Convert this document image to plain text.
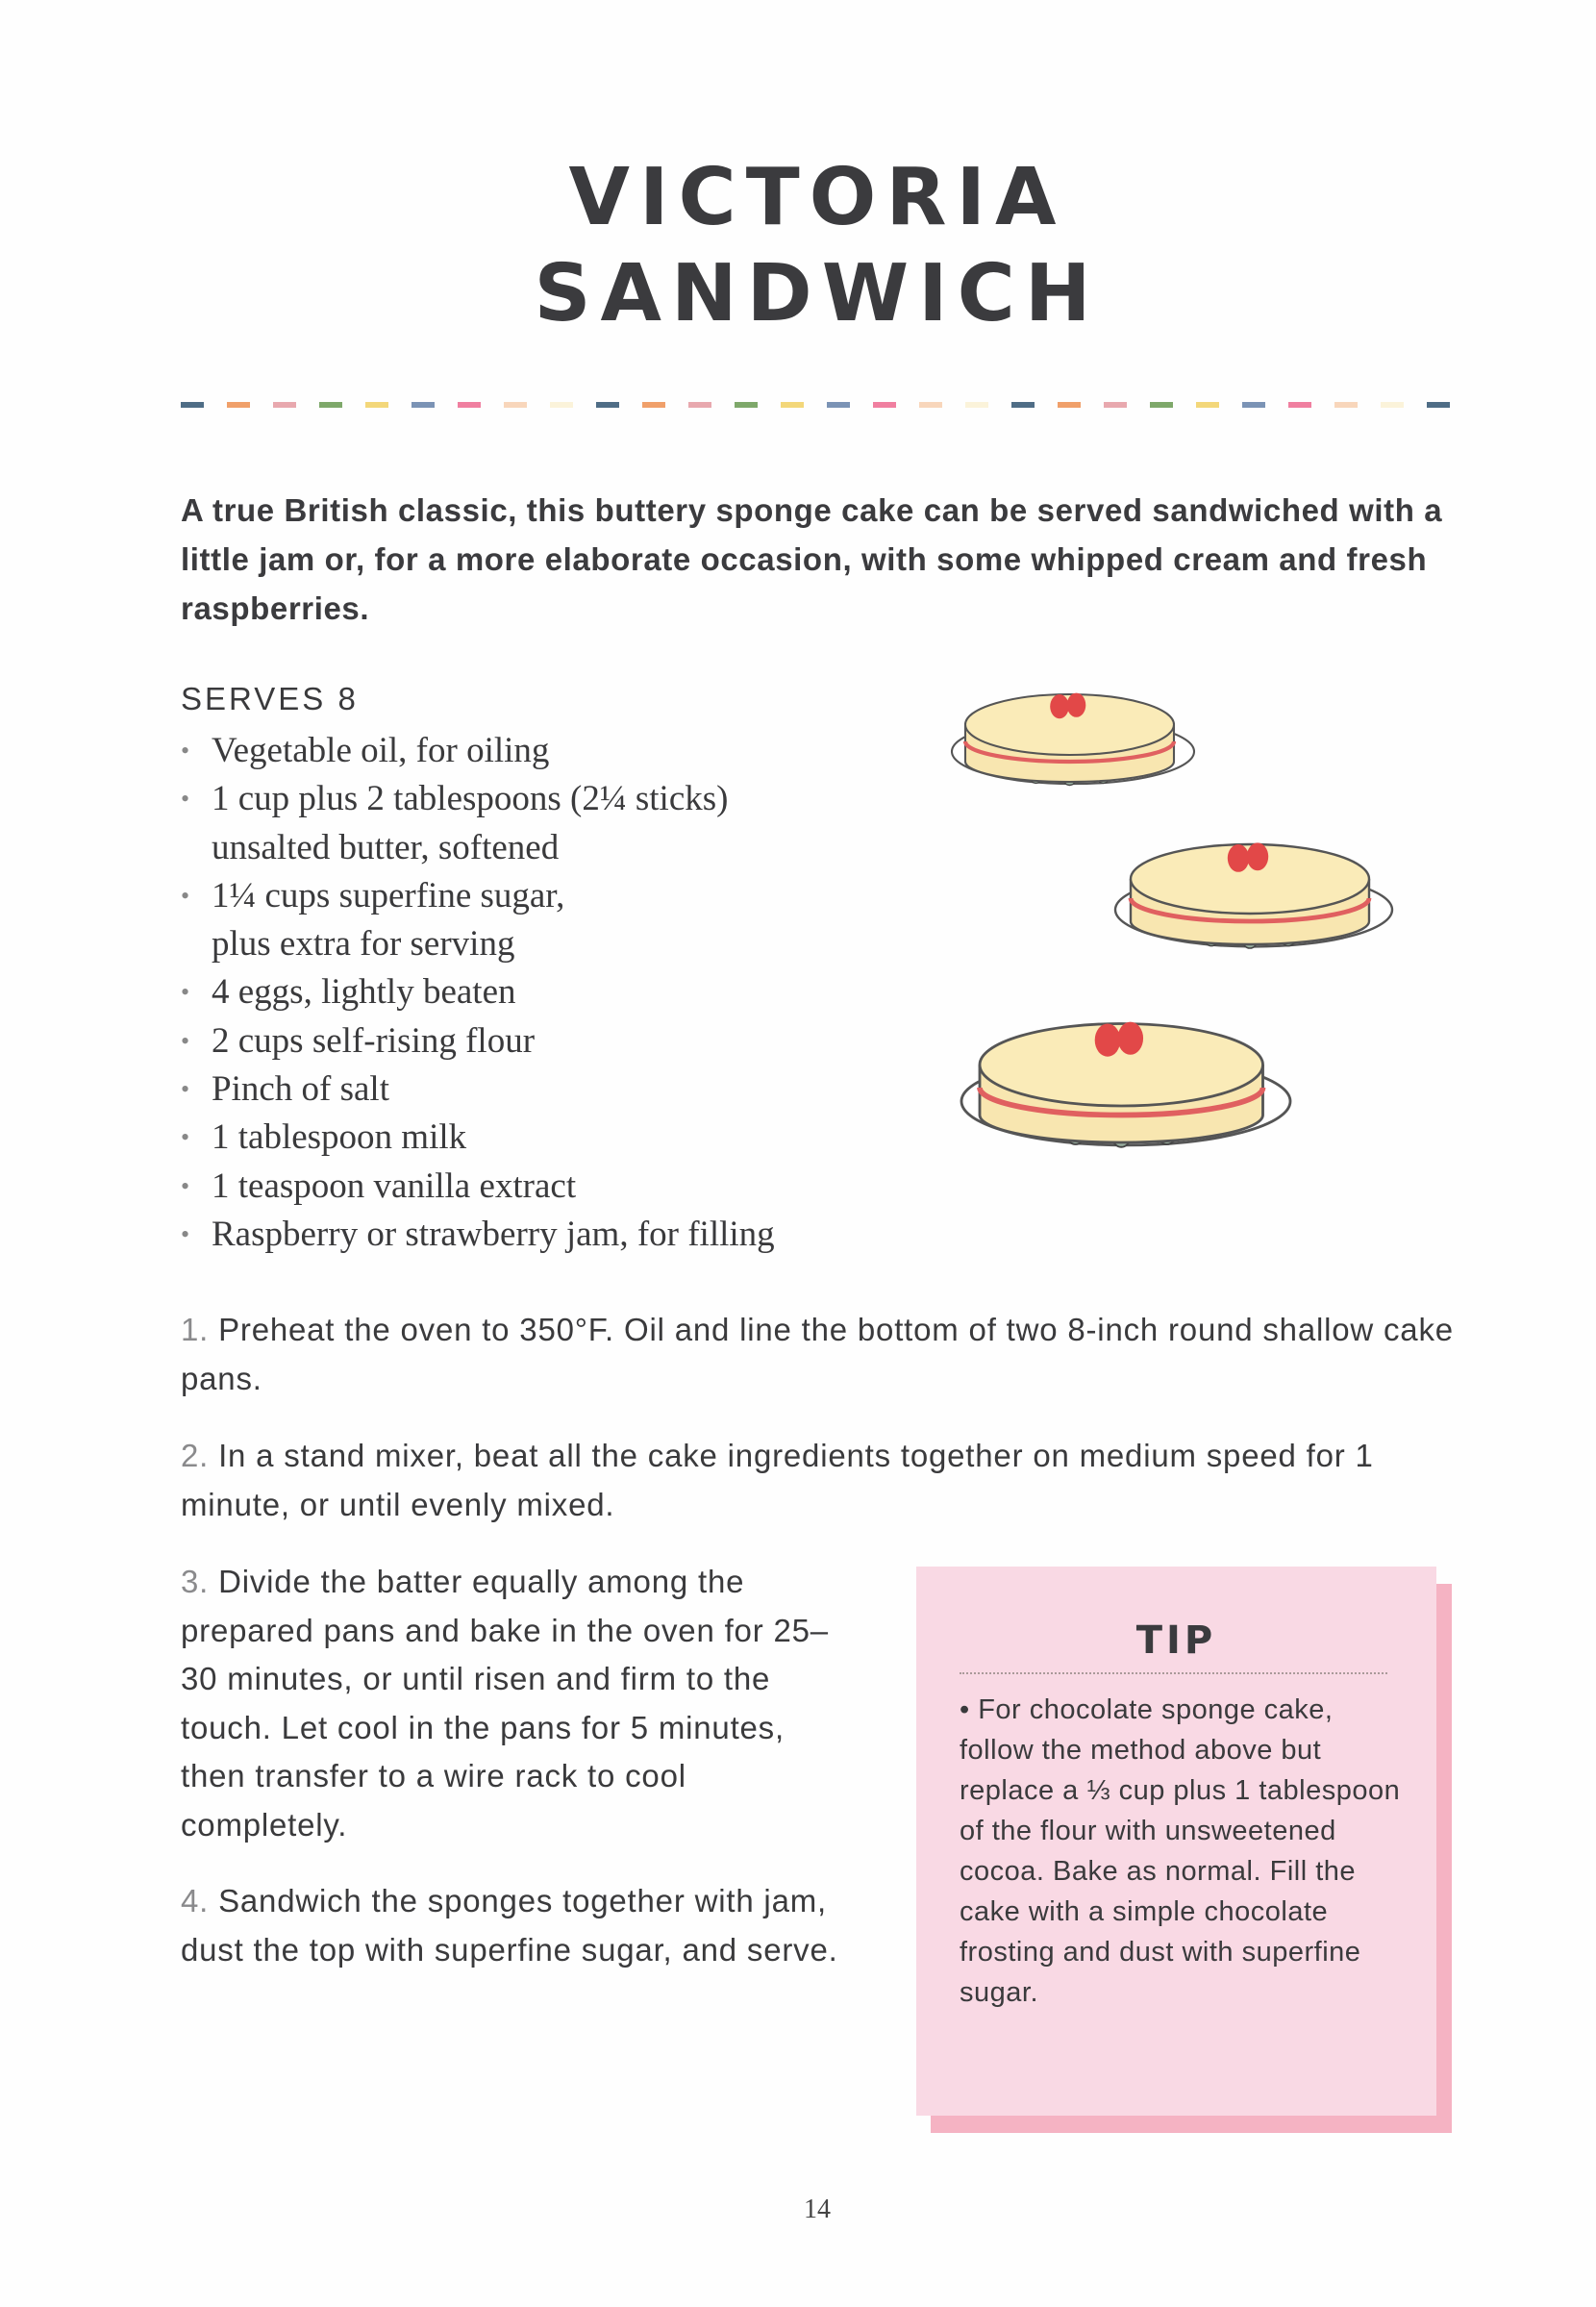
VICTORIA
SANDWICH
A true British classic, this buttery sponge cake can be served sandwiched with a little jam or, for a more elaborate occasion, with some whipped cream and fresh raspberries.
SERVES 8
• Vegetable oil, for oiling
• 1 cup plus 2 tablespoons (2¼ sticks) unsalted butter, softened
• 1¼ cups superfine sugar, plus extra for serving
• 4 eggs, lightly beaten
• 2 cups self-rising flour
• Pinch of salt
• 1 tablespoon milk
• 1 teaspoon vanilla extract
• Raspberry or strawberry jam, for filling
1. Preheat the oven to 350°F. Oil and line the bottom of two 8-inch round shallow cake pans.
2. In a stand mixer, beat all the cake ingredients together on medium speed for 1 minute, or until evenly mixed.
3. Divide the batter equally among the prepared pans and bake in the oven for 25–30 minutes, or until risen and firm to the touch. Let cool in the pans for 5 minutes, then transfer to a wire rack to cool completely.
4. Sandwich the sponges together with jam, dust the top with superfine sugar, and serve.
TIP

• For chocolate sponge cake, follow the method above but replace a ⅓ cup plus 1 tablespoon of the flour with unsweetened cocoa. Bake as normal. Fill the cake with a simple chocolate frosting and dust with superfine sugar.

14
